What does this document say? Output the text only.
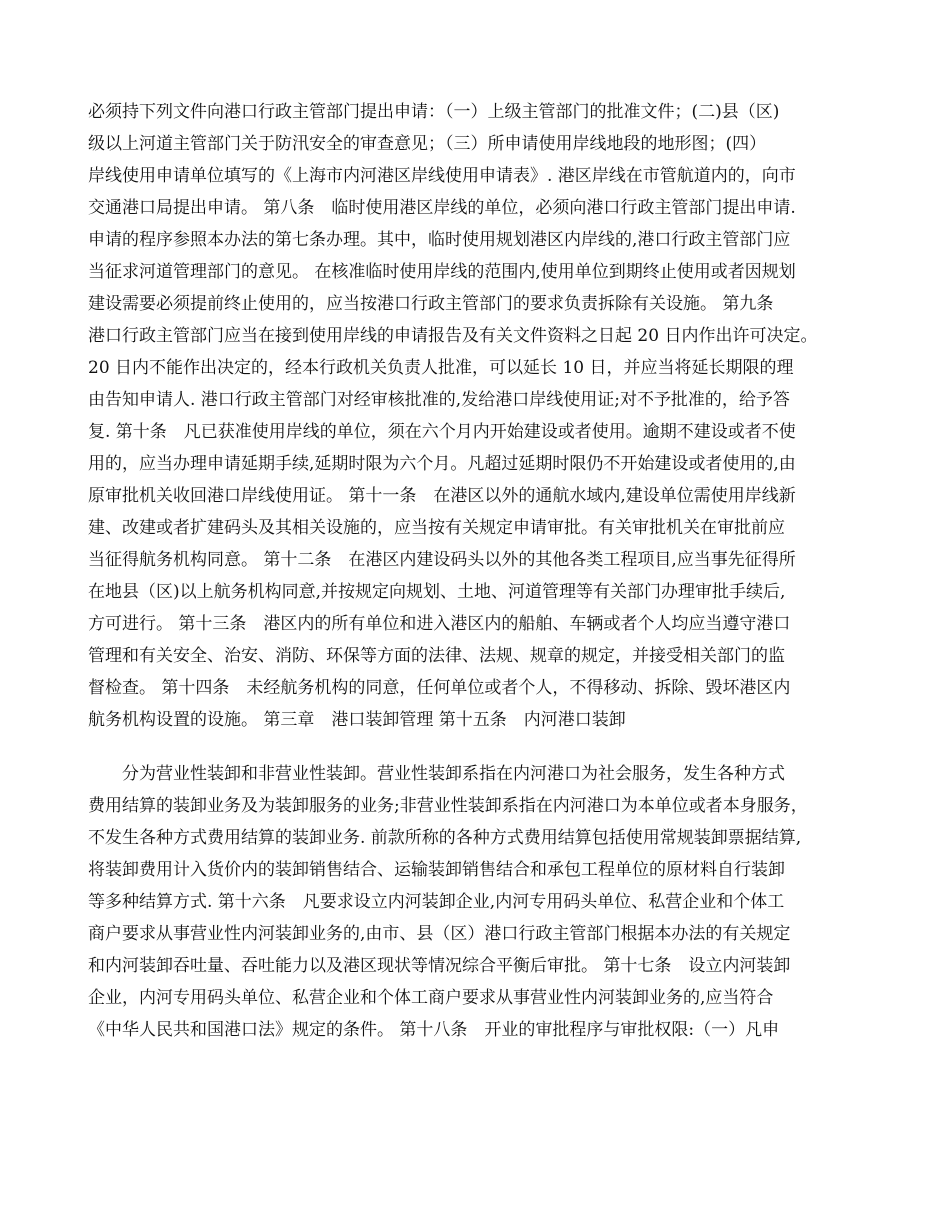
必须持下列文件向港口行政主管部门提出申请：（一）上级主管部门的批准文件；(二)县（区)
级以上河道主管部门关于防汛安全的审查意见；（三）所申请使用岸线地段的地形图；(四）
岸线使用申请单位填写的《上海市内河港区岸线使用申请表》. 港区岸线在市管航道内的，向市
交通港口局提出申请。 第八条　临时使用港区岸线的单位，必须向港口行政主管部门提出申请.
申请的程序参照本办法的第七条办理。其中，临时使用规划港区内岸线的,港口行政主管部门应
当征求河道管理部门的意见。 在核准临时使用岸线的范围内,使用单位到期终止使用或者因规划
建设需要必须提前终止使用的，应当按港口行政主管部门的要求负责拆除有关设施。 第九条
港口行政主管部门应当在接到使用岸线的申请报告及有关文件资料之日起 20 日内作出许可决定。
20 日内不能作出决定的，经本行政机关负责人批准，可以延长 10 日，并应当将延长期限的理
由告知申请人. 港口行政主管部门对经审核批准的,发给港口岸线使用证;对不予批准的，给予答
复. 第十条　凡已获准使用岸线的单位，须在六个月内开始建设或者使用。逾期不建设或者不使
用的，应当办理申请延期手续,延期时限为六个月。凡超过延期时限仍不开始建设或者使用的,由
原审批机关收回港口岸线使用证。 第十一条　在港区以外的通航水域内,建设单位需使用岸线新
建、改建或者扩建码头及其相关设施的，应当按有关规定申请审批。有关审批机关在审批前应
当征得航务机构同意。 第十二条　在港区内建设码头以外的其他各类工程项目,应当事先征得所
在地县（区)以上航务机构同意,并按规定向规划、土地、河道管理等有关部门办理审批手续后,
方可进行。 第十三条　港区内的所有单位和进入港区内的船舶、车辆或者个人均应当遵守港口
管理和有关安全、治安、消防、环保等方面的法律、法规、规章的规定，并接受相关部门的监
督检查。 第十四条　未经航务机构的同意，任何单位或者个人，不得移动、拆除、毁坏港区内
航务机构设置的设施。 第三章　港口装卸管理 第十五条　内河港口装卸
分为营业性装卸和非营业性装卸。营业性装卸系指在内河港口为社会服务，发生各种方式
费用结算的装卸业务及为装卸服务的业务;非营业性装卸系指在内河港口为本单位或者本身服务，
不发生各种方式费用结算的装卸业务. 前款所称的各种方式费用结算包括使用常规装卸票据结算,
将装卸费用计入货价内的装卸销售结合、运输装卸销售结合和承包工程单位的原材料自行装卸
等多种结算方式. 第十六条　凡要求设立内河装卸企业,内河专用码头单位、私营企业和个体工
商户要求从事营业性内河装卸业务的,由市、县（区）港口行政主管部门根据本办法的有关规定
和内河装卸吞吐量、吞吐能力以及港区现状等情况综合平衡后审批。 第十七条　设立内河装卸
企业，内河专用码头单位、私营企业和个体工商户要求从事营业性内河装卸业务的,应当符合
《中华人民共和国港口法》规定的条件。 第十八条　开业的审批程序与审批权限:（一）凡申
